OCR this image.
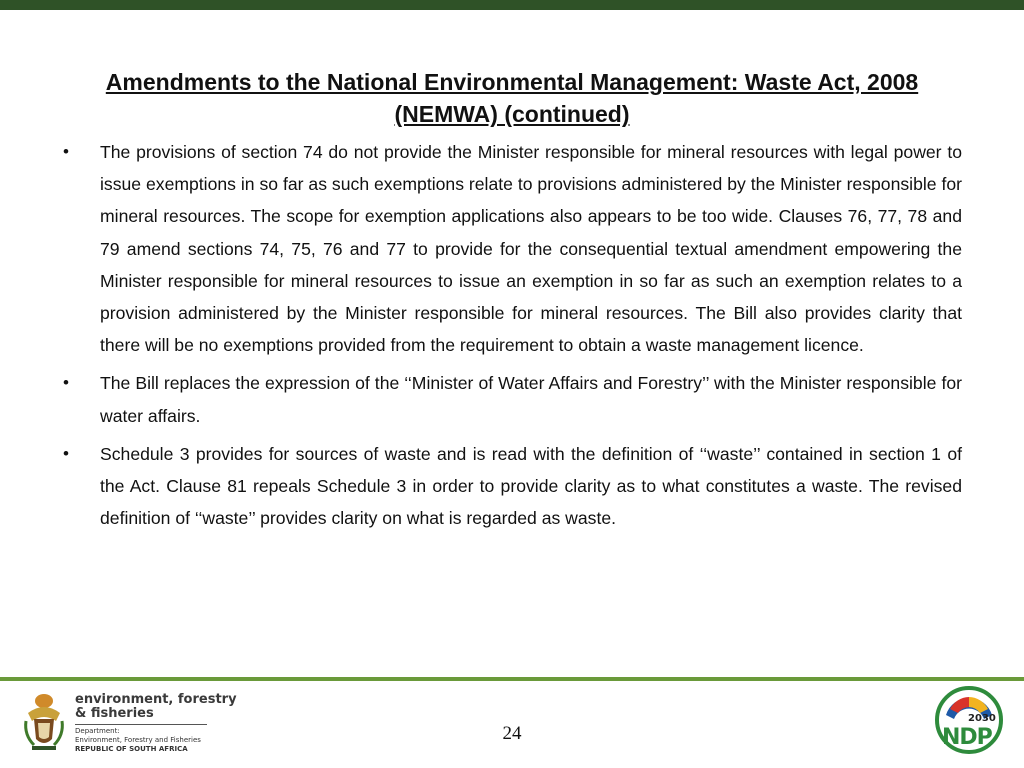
Amendments to the National Environmental Management: Waste Act, 2008 (NEMWA) (continued)
• The provisions of section 74 do not provide the Minister responsible for mineral resources with legal power to issue exemptions in so far as such exemptions relate to provisions administered by the Minister responsible for mineral resources. The scope for exemption applications also appears to be too wide. Clauses 76, 77, 78 and 79 amend sections 74, 75, 76 and 77 to provide for the consequential textual amendment empowering the Minister responsible for mineral resources to issue an exemption in so far as such an exemption relates to a provision administered by the Minister responsible for mineral resources. The Bill also provides clarity that there will be no exemptions provided from the requirement to obtain a waste management licence.
• The Bill replaces the expression of the ‘‘Minister of Water Affairs and Forestry’’ with the Minister responsible for water affairs.
• Schedule 3 provides for sources of waste and is read with the definition of ‘‘waste’’ contained in section 1 of the Act. Clause 81 repeals Schedule 3 in order to provide clarity as to what constitutes a waste. The revised definition of ‘‘waste’’ provides clarity on what is regarded as waste.
environment, forestry
& fisheries
Department:
Environment, Forestry and Fisheries
REPUBLIC OF SOUTH AFRICA
24
2030
NDP
